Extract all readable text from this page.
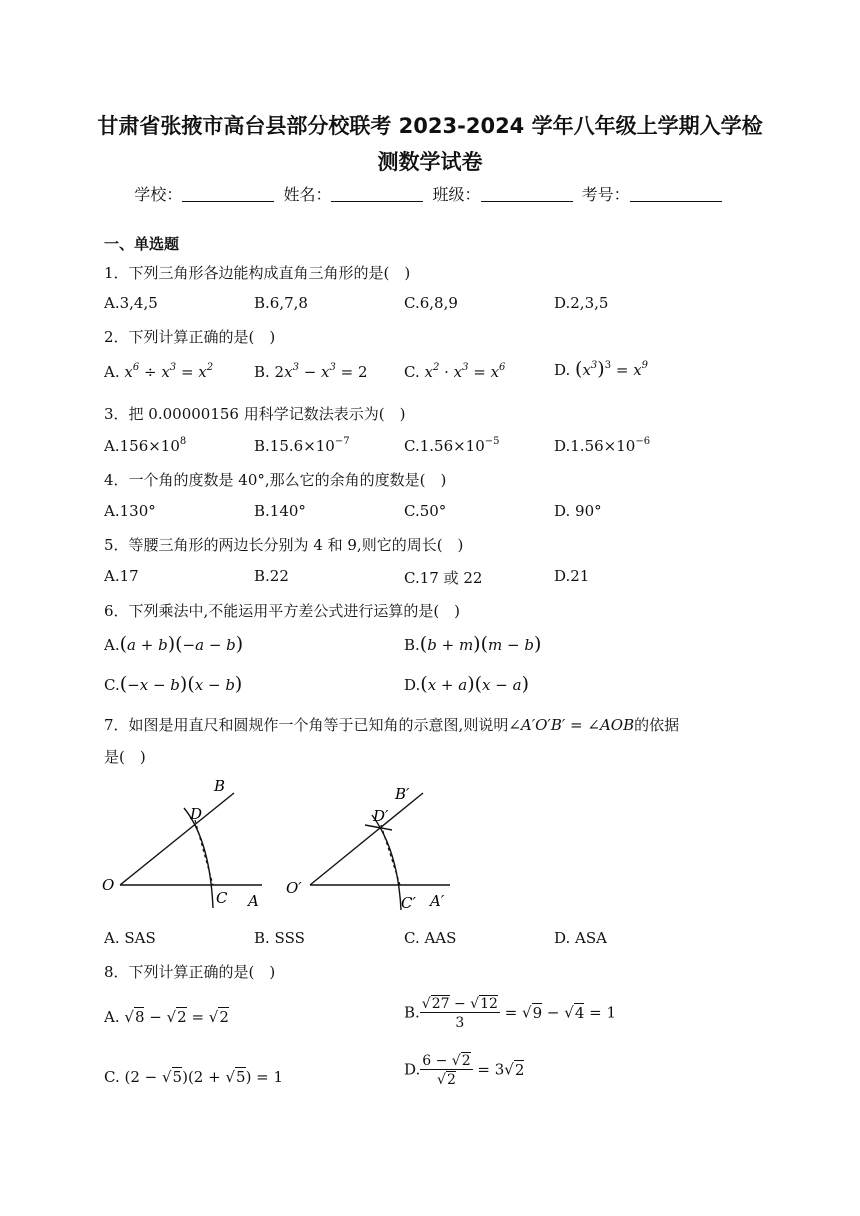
甘肃省张掖市高台县部分校联考 2023-2024 学年八年级上学期入学检
测数学试卷
学校：	姓名：	班级：	考号：
一、单选题
1．下列三角形各边能构成直角三角形的是(　)
A.3,4,5	B.6,7,8	C.6,8,9	D.2,3,5
2．下列计算正确的是(　)
A. $x^6 \div x^3 = x^2$	B. $2x^3 - x^3 = 2$ C. $x^2 \cdot x^3 = x^6$	D. $(x^3)^3 = x^9$
3．把 0.00000156 用科学记数法表示为(　)
$A.156\times 10^8$	$B.15.6\times 10^{-7}$	$C.1.56\times 10^{-5}$	$D.1.56\times 10^{-6}$
4．一个角的度数是 40°,那么它的余角的度数是(　)
A.130°	B.140°	C.50°	D. 90°
5．等腰三角形的两边长分别为 4 和 9,则它的周长(　)
A.17	B.22	C.17 或 22	D.21
6．下列乘法中,不能运用平方差公式进行运算的是(　)
A.(a + b)(−a − b)	B.(b + m)(m − b)
C.(−x − b)(x − b)	D.(x + a)(x − a)
7．如图是用直尺和圆规作一个角等于已知角的示意图,则说明∠A′O′B′ = ∠AOB的依据
是(　)
O
A
B
C
D
O′
A′
B′
C′
D′
A. SAS	B. SSS	C. AAS	D. ASA
8．下列计算正确的是(　)
A. √8 − √2 = √2	B. $\frac{√27 - √12}{3} = √9 - √4 = 1$
C. (2 − √5)(2 + √5) = 1	D. $\frac{6 - √2}{√2} = 3√2$
